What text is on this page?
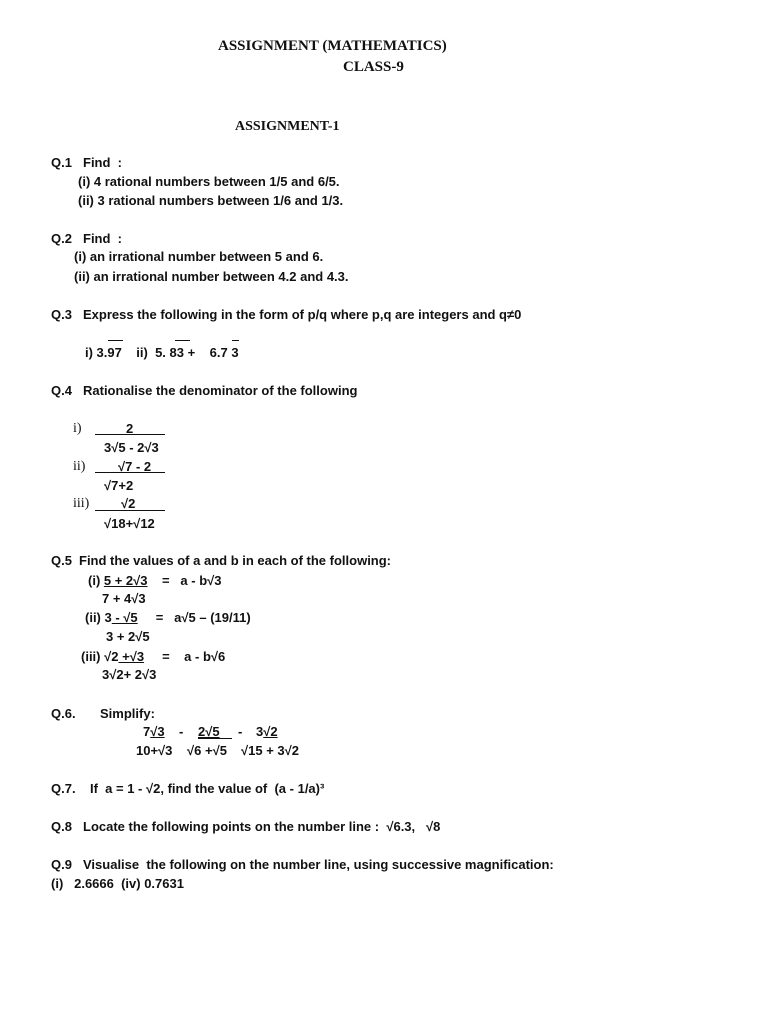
ASSIGNMENT (MATHEMATICS)
CLASS-9
ASSIGNMENT-1
Q.1 Find  :
(i) 4 rational numbers between 1/5 and 6/5.
(ii) 3 rational numbers between 1/6 and 1/3.
Q.2 Find  :
(i) an irrational number between 5 and 6.
(ii) an irrational number between 4.2 and 4.3.
Q.3 Express the following in the form of p/q where p,q are integers and q≠0
i) 3.97    ii)  5. 83 +    6.7 3
Q.4 Rationalise the denominator of the following
i)	2
3√5 - 2√3
ii)	√7 - 2
√7+2
iii) √2
√18+√12
Q.5 Find the values of a and b in each of the following:
(i) 5 + 2√3 =   a - b√3
7 + 4√3
(ii) 3 - √5 =   a√5 – (19/11)
3 + 2√5
(iii) √2 +√3 =    a - b√6
3√2+ 2√3
Q.6. Simplify:
7√3 - 2√5 - 3√2
10+√3 √6 +√5 √15 + 3√2
Q.7. If  a = 1 - √2, find the value of  (a - 1/a)³
Q.8 Locate the following points on the number line :  √6.3,   √8
Q.9 Visualise  the following on the number line, using successive magnification:
(i)   2.6666  (iv) 0.7631
